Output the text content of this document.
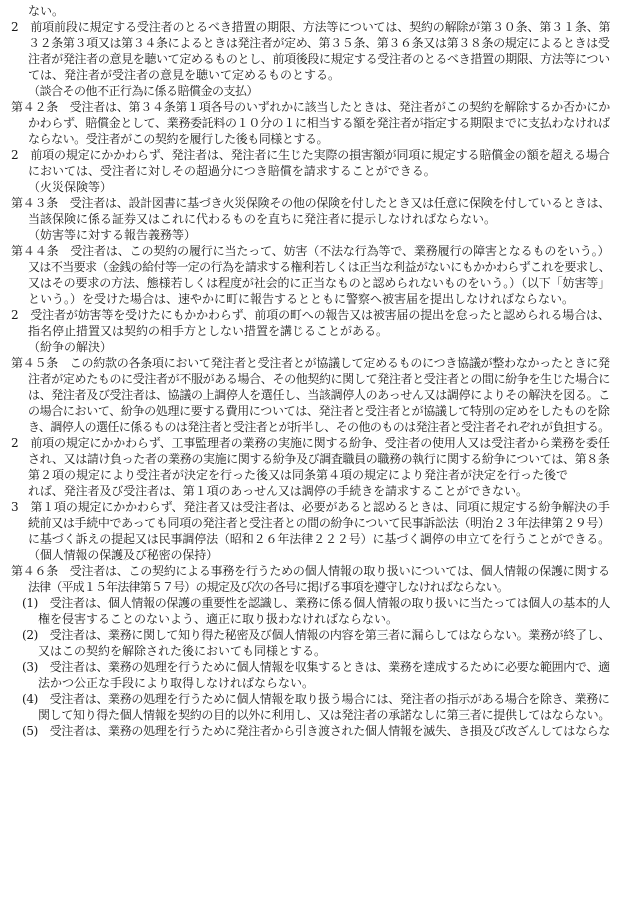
ない。
2　前項前段に規定する受注者のとるべき措置の期限、方法等については、契約の解除が第３０条、第３１条、第
３２条第３項又は第３４条によるときは発注者が定め、第３５条、第３６条又は第３８条の規定によるときは受
注者が発注者の意見を聴いて定めるものとし、前項後段に規定する受注者のとるべき措置の期限、方法等につい
ては、発注者が受注者の意見を聴いて定めるものとする。
（談合その他不正行為に係る賠償金の支払）
第４２条　受注者は、第３４条第１項各号のいずれかに該当したときは、発注者がこの契約を解除するか否かにか
かわらず、賠償金として、業務委託料の１０分の１に相当する額を発注者が指定する期限までに支払わなければ
ならない。受注者がこの契約を履行した後も同様とする。
2　前項の規定にかかわらず、発注者は、発注者に生じた実際の損害額が同項に規定する賠償金の額を超える場合
においては、受注者に対しその超過分につき賠償を請求することができる。
（火災保険等）
第４３条　受注者は、設計図書に基づき火災保険その他の保険を付したとき又は任意に保険を付しているときは、
当該保険に係る証券又はこれに代わるものを直ちに発注者に提示しなければならない。
（妨害等に対する報告義務等）
第４４条　受注者は、この契約の履行に当たって、妨害（不法な行為等で、業務履行の障害となるものをいう。）
又は不当要求（金銭の給付等一定の行為を請求する権利若しくは正当な利益がないにもかかわらずこれを要求し、
又はその要求の方法、態様若しくは程度が社会的に正当なものと認められないものをいう。）（以下「妨害等」
という。）を受けた場合は、速やかに町に報告するとともに警察へ被害届を提出しなければならない。
2　受注者が妨害等を受けたにもかかわらず、前項の町への報告又は被害届の提出を怠ったと認められる場合は、
指名停止措置又は契約の相手方としない措置を講じることがある。
（紛争の解決）
第４５条　この約款の各条項において発注者と受注者とが協議して定めるものにつき協議が整わなかったときに発
注者が定めたものに受注者が不服がある場合、その他契約に関して発注者と受注者との間に紛争を生じた場合に
は、発注者及び受注者は、協議の上調停人を選任し、当該調停人のあっせん又は調停によりその解決を図る。こ
の場合において、紛争の処理に要する費用については、発注者と受注者とが協議して特別の定めをしたものを除
き、調停人の選任に係るものは発注者と受注者とが折半し、その他のものは発注者と受注者それぞれが負担する。
2　前項の規定にかかわらず、工事監理者の業務の実施に関する紛争、受注者の使用人又は受注者から業務を委任
され、又は請け負った者の業務の実施に関する紛争及び調査職員の職務の執行に関する紛争については、第８条
第２項の規定により受注者が決定を行った後又は同条第４項の規定により発注者が決定を行った後で
れば、発注者及び受注者は、第１項のあっせん又は調停の手続きを請求することができない。
3　第１項の規定にかかわらず、発注者又は受注者は、必要があると認めるときは、同項に規定する紛争解決の手
続前又は手続中であっても同項の発注者と受注者との間の紛争について民事訴訟法（明治２３年法律第２９号）
に基づく訴えの提起又は民事調停法（昭和２６年法律２２２号）に基づく調停の申立てを行うことができる。
（個人情報の保護及び秘密の保持）
第４６条　受注者は、この契約による事務を行うための個人情報の取り扱いについては、個人情報の保護に関する
法律（平成１５年法律第５７号）の規定及び次の各号に掲げる事項を遵守しなければならない。
(1)　受注者は、個人情報の保護の重要性を認識し、業務に係る個人情報の取り扱いに当たっては個人の基本的人
権を侵害することのないよう、適正に取り扱わなければならない。
(2)　受注者は、業務に関して知り得た秘密及び個人情報の内容を第三者に漏らしてはならない。業務が終了し、
又はこの契約を解除された後においても同様とする。
(3)　受注者は、業務の処理を行うために個人情報を収集するときは、業務を達成するために必要な範囲内で、適
法かつ公正な手段により取得しなければならない。
(4)　受注者は、業務の処理を行うために個人情報を取り扱う場合には、発注者の指示がある場合を除き、業務に
関して知り得た個人情報を契約の目的以外に利用し、又は発注者の承諾なしに第三者に提供してはならない。
(5)　受注者は、業務の処理を行うために発注者から引き渡された個人情報を滅失、き損及び改ざんしてはならな
